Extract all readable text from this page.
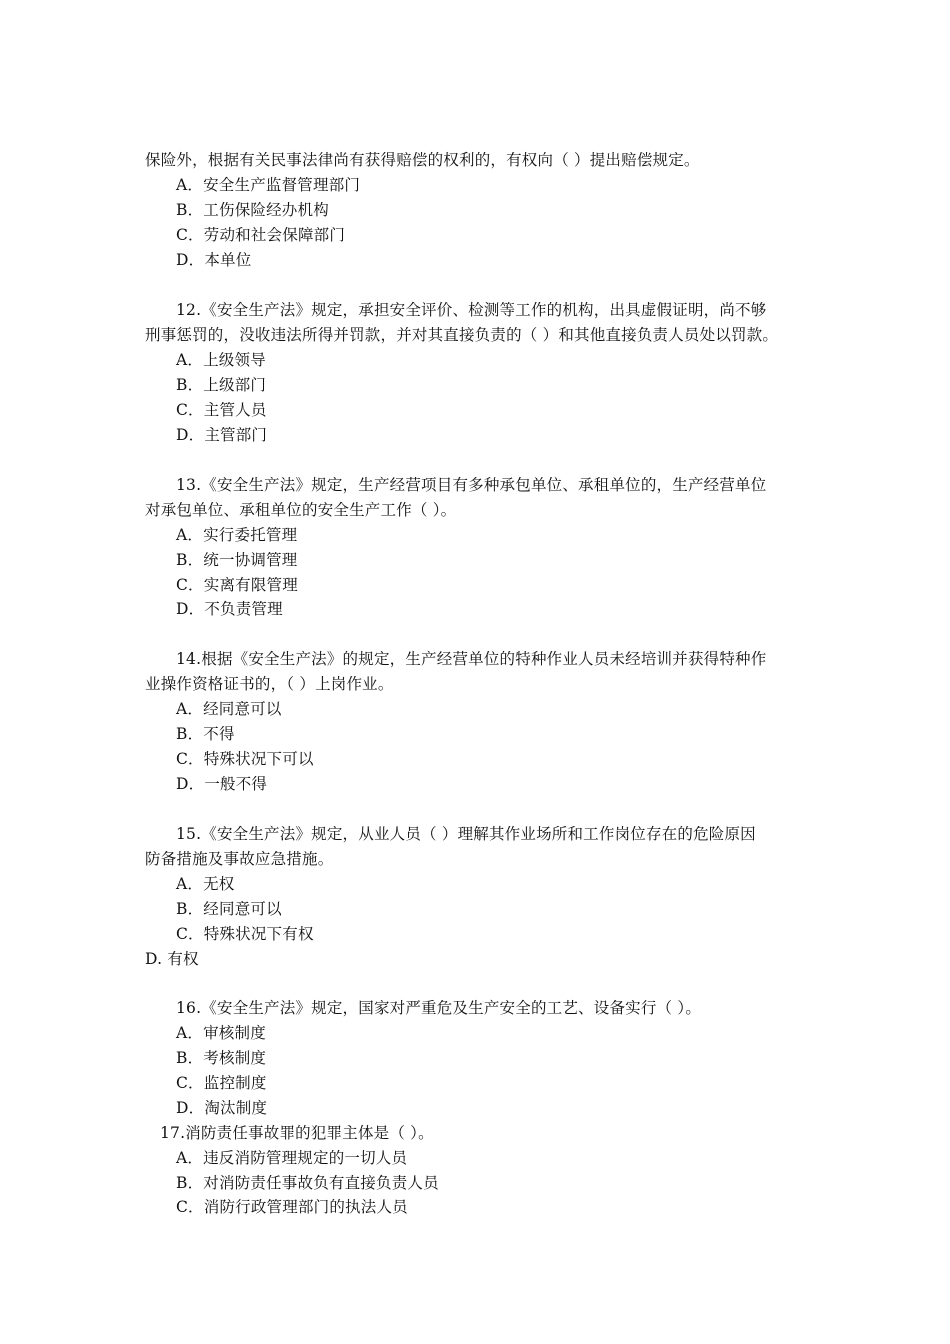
保险外，根据有关民事法律尚有获得赔偿的权利的，有权向（ ）提出赔偿规定。
A．安全生产监督管理部门
B．工伤保险经办机构
C．劳动和社会保障部门
D．本单位
12.《安全生产法》规定，承担安全评价、检测等工作的机构，出具虚假证明，尚不够
刑事惩罚的，没收违法所得并罚款，并对其直接负责的（ ）和其他直接负责人员处以罚款。
A．上级领导
B．上级部门
C．主管人员
D．主管部门
13.《安全生产法》规定，生产经营项目有多种承包单位、承租单位的，生产经营单位
对承包单位、承租单位的安全生产工作（ ）。
A．实行委托管理
B．统一协调管理
C．实离有限管理
D．不负责管理
14.根据《安全生产法》的规定，生产经营单位的特种作业人员未经培训并获得特种作
业操作资格证书的，（ ）上岗作业。
A．经同意可以
B．不得
C．特殊状况下可以
D．一般不得
15.《安全生产法》规定，从业人员（ ）理解其作业场所和工作岗位存在的危险原因
防备措施及事故应急措施。
A．无权
B．经同意可以
C．特殊状况下有权
D. 有权
16.《安全生产法》规定，国家对严重危及生产安全的工艺、设备实行（ ）。
A．审核制度
B．考核制度
C．监控制度
D．淘汰制度
17.消防责任事故罪的犯罪主体是（ ）。
A．违反消防管理规定的一切人员
B．对消防责任事故负有直接负责人员
C．消防行政管理部门的执法人员
